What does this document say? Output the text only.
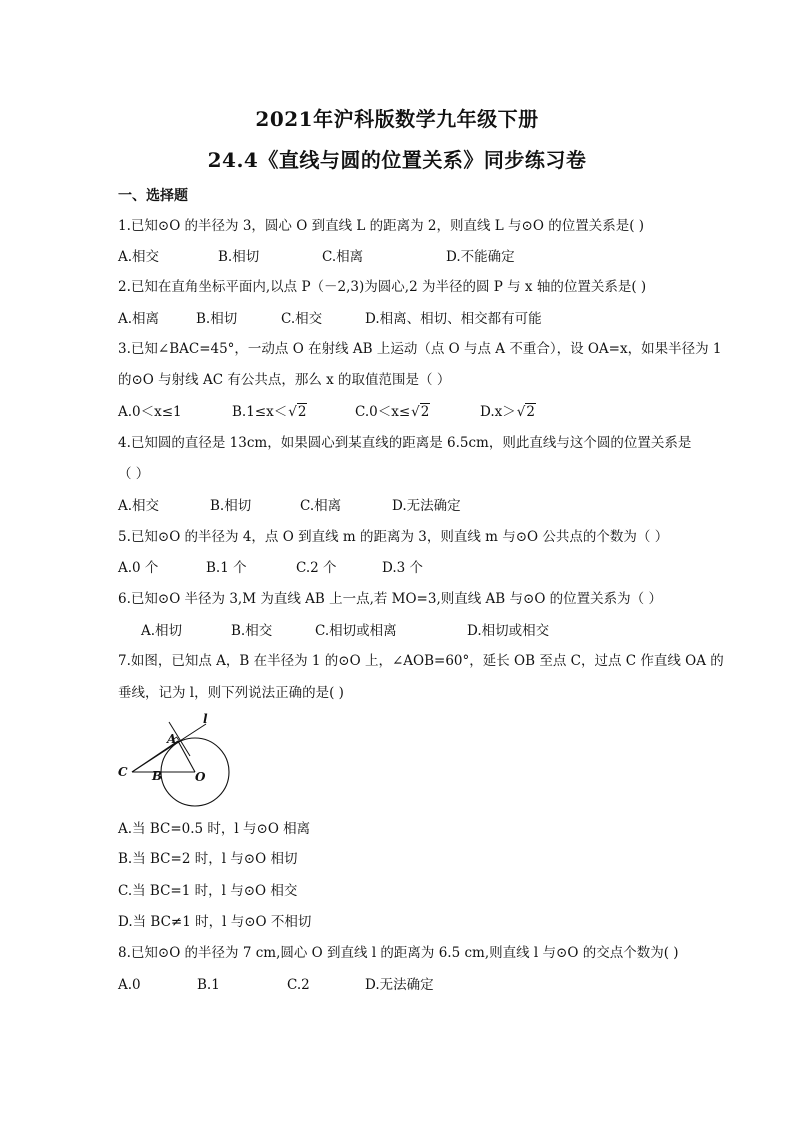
2021年沪科版数学九年级下册
24.4《直线与圆的位置关系》同步练习卷
一、选择题
1.已知⊙O 的半径为 3，圆心 O 到直线 L 的距离为 2，则直线 L 与⊙O 的位置关系是( )
A.相交	B.相切	C.相离	D.不能确定
2.已知在直角坐标平面内,以点 P（－2,3)为圆心,2 为半径的圆 P 与 x 轴的位置关系是( )
A.相离	B.相切	C.相交	D.相离、相切、相交都有可能
3.已知∠BAC=45°，一动点 O 在射线 AB 上运动（点 O 与点 A 不重合），设 OA=x，如果半径为 1
的⊙O 与射线 AC 有公共点，那么 x 的取值范围是（ ）
A.0＜x≤1	B.1≤x＜√2	C.0＜x≤√2	D.x＞√2
4.已知圆的直径是 13cm，如果圆心到某直线的距离是 6.5cm，则此直线与这个圆的位置关系是
（ ）
A.相交	B.相切	C.相离	D.无法确定
5.已知⊙O 的半径为 4，点 O 到直线 m 的距离为 3，则直线 m 与⊙O 公共点的个数为（ ）
A.0 个	B.1 个	C.2 个	D.3 个
6.已知⊙O 半径为 3,M 为直线 AB 上一点,若 MO=3,则直线 AB 与⊙O 的位置关系为（ ）
A.相切	B.相交	C.相切或相离	D.相切或相交
7.如图，已知点 A，B 在半径为 1 的⊙O 上，∠AOB=60°，延长 OB 至点 C，过点 C 作直线 OA 的
垂线，记为 l，则下列说法正确的是( )
l
A
C B	O
A.当 BC=0.5 时，l 与⊙O 相离
B.当 BC=2 时，l 与⊙O 相切
C.当 BC=1 时，l 与⊙O 相交
D.当 BC≠1 时，l 与⊙O 不相切
8.已知⊙O 的半径为 7 cm,圆心 O 到直线 l 的距离为 6.5 cm,则直线 l 与⊙O 的交点个数为( )
A.0	B.1	C.2	D.无法确定
